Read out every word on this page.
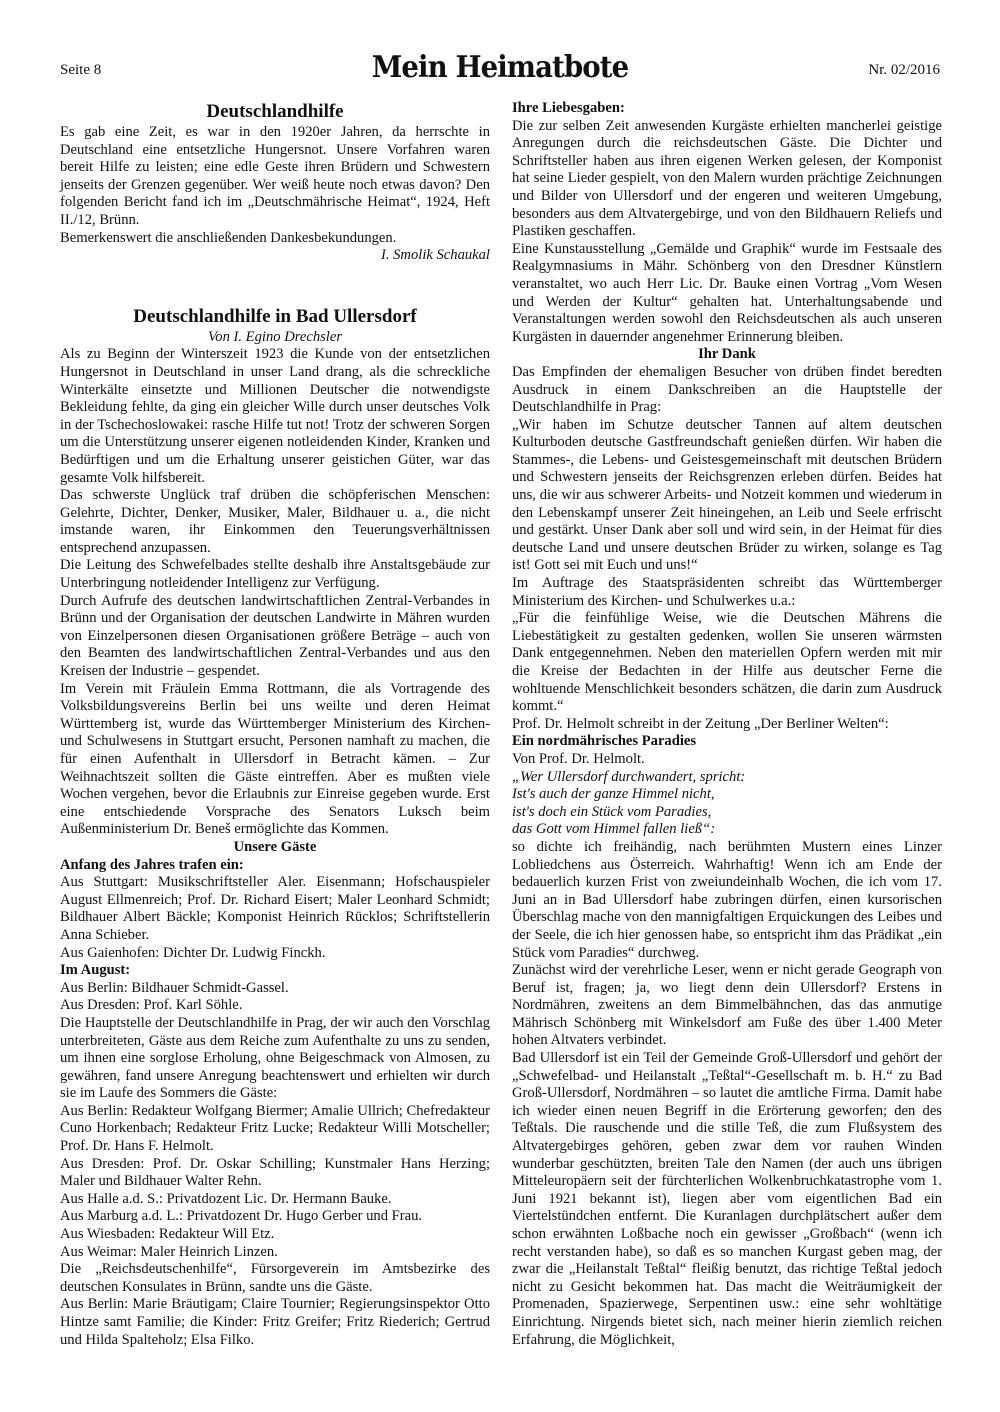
Seite 8	Mein Heimatbote	Nr. 02/2016
Deutschlandhilfe

Es gab eine Zeit, es war in den 1920er Jahren, da herrschte in Deutschland eine entsetzliche Hungersnot. Unsere Vorfahren waren bereit Hilfe zu leisten; eine edle Geste ihren Brüdern und Schwestern jenseits der Grenzen gegenüber. Wer weiß heute noch etwas davon? Den folgenden Bericht fand ich im „Deutschmährische Heimat“, 1924, Heft II./12, Brünn.

Bemerkenswert die anschließenden Dankesbekundungen.

I. Smolik Schaukal
Deutschlandhilfe in Bad Ullersdorf
Von I. Egino Drechsler

Als zu Beginn der Winterszeit 1923 die Kunde von der entsetzlichen Hungersnot in Deutschland in unser Land drang, als die schreckliche Winterkälte einsetzte und Millionen Deutscher die notwendigste Bekleidung fehlte, da ging ein gleicher Wille durch unser deutsches Volk in der Tschechoslowakei: rasche Hilfe tut not! Trotz der schweren Sorgen um die Unterstützung unserer eigenen notleidenden Kinder, Kranken und Bedürftigen und um die Erhaltung unserer geistichen Güter, war das gesamte Volk hilfsbereit.

Das schwerste Unglück traf drüben die schöpferischen Menschen: Gelehrte, Dichter, Denker, Musiker, Maler, Bildhauer u. a., die nicht imstande waren, ihr Einkommen den Teuerungsverhältnissen entsprechend anzupassen.

Die Leitung des Schwefelbades stellte deshalb ihre Anstaltsgebäude zur Unterbringung notleidender Intelligenz zur Verfügung.

Durch Aufrufe des deutschen landwirtschaftlichen Zentral-Verbandes in Brünn und der Organisation der deutschen Landwirte in Mähren wurden von Einzelpersonen diesen Organisationen größere Beträge – auch von den Beamten des landwirtschaftlichen Zentral-Verbandes und aus den Kreisen der Industrie – gespendet.

Im Verein mit Fräulein Emma Rottmann, die als Vortragende des Volksbildungsvereins Berlin bei uns weilte und deren Heimat Württemberg ist, wurde das Württemberger Ministerium des Kirchen- und Schulwesens in Stuttgart ersucht, Personen namhaft zu machen, die für einen Aufenthalt in Ullersdorf in Betracht kämen. – Zur Weihnachtszeit sollten die Gäste eintreffen. Aber es mußten viele Wochen vergehen, bevor die Erlaubnis zur Einreise gegeben wurde. Erst eine entschiedende Vorsprache des Senators Luksch beim Außenministerium Dr. Beneš ermöglichte das Kommen.

Unsere Gäste

Anfang des Jahres trafen ein:

Aus Stuttgart: Musikschriftsteller Aler. Eisenmann; Hofschauspieler August Ellmenreich; Prof. Dr. Richard Eisert; Maler Leonhard Schmidt; Bildhauer Albert Bäckle; Komponist Heinrich Rücklos; Schriftstellerin Anna Schieber.

Aus Gaienhofen: Dichter Dr. Ludwig Finckh.

Im August:

Aus Berlin: Bildhauer Schmidt-Gassel.

Aus Dresden: Prof. Karl Söhle.

Die Hauptstelle der Deutschlandhilfe in Prag, der wir auch den Vorschlag unterbreiteten, Gäste aus dem Reiche zum Aufenthalte zu uns zu senden, um ihnen eine sorglose Erholung, ohne Beigeschmack von Almosen, zu gewähren, fand unsere Anregung beachtenswert und erhielten wir durch sie im Laufe des Sommers die Gäste:

Aus Berlin: Redakteur Wolfgang Biermer; Amalie Ullrich; Chefredakteur Cuno Horkenbach; Redakteur Fritz Lucke; Redakteur Willi Motscheller; Prof. Dr. Hans F. Helmolt.

Aus Dresden: Prof. Dr. Oskar Schilling; Kunstmaler Hans Herzing; Maler und Bildhauer Walter Rehn.

Aus Halle a.d. S.: Privatdozent Lic. Dr. Hermann Bauke.

Aus Marburg a.d. L.: Privatdozent Dr. Hugo Gerber und Frau.

Aus Wiesbaden: Redakteur Will Etz.

Aus Weimar: Maler Heinrich Linzen.

Die „Reichsdeutschenhilfe“, Fürsorgeverein im Amtsbezirke des deutschen Konsulates in Brünn, sandte uns die Gäste.

Aus Berlin: Marie Bräutigam; Claire Tournier; Regierungsinspektor Otto Hintze samt Familie; die Kinder: Fritz Greifer; Fritz Riederich; Gertrud und Hilda Spalteholz; Elsa Filko.

Ihre Liebesgaben:

Die zur selben Zeit anwesenden Kurgäste erhielten mancherlei geistige Anregungen durch die reichsdeutschen Gäste. Die Dichter und Schriftsteller haben aus ihren eigenen Werken gelesen, der Komponist hat seine Lieder gespielt, von den Malern wurden prächtige Zeichnungen und Bilder von Ullersdorf und der engeren und weiteren Umgebung, besonders aus dem Altvatergebirge, und von den Bildhauern Reliefs und Plastiken geschaffen.

Eine Kunstausstellung „Gemälde und Graphik“ wurde im Festsaale des Realgymnasiums in Mähr. Schönberg von den Dresdner Künstlern veranstaltet, wo auch Herr Lic. Dr. Bauke einen Vortrag „Vom Wesen und Werden der Kultur“ gehalten hat. Unterhaltungsabende und Veranstaltungen werden sowohl den Reichsdeutschen als auch unseren Kurgästen in dauernder angenehmer Erinnerung bleiben.

Ihr Dank

Das Empfinden der ehemaligen Besucher von drüben findet beredten Ausdruck in einem Dankschreiben an die Hauptstelle der Deutschlandhilfe in Prag:

„Wir haben im Schutze deutscher Tannen auf altem deutschen Kulturboden deutsche Gastfreundschaft genießen dürfen. Wir haben die Stammes-, die Lebens- und Geistesgemeinschaft mit deutschen Brüdern und Schwestern jenseits der Reichsgrenzen erleben dürfen. Beides hat uns, die wir aus schwerer Arbeits- und Notzeit kommen und wiederum in den Lebenskampf unserer Zeit hineingehen, an Leib und Seele erfrischt und gestärkt. Unser Dank aber soll und wird sein, in der Heimat für dies deutsche Land und unsere deutschen Brüder zu wirken, solange es Tag ist! Gott sei mit Euch und uns!“

Im Auftrage des Staatspräsidenten schreibt das Württemberger Ministerium des Kirchen- und Schulwerkes u.a.:

„Für die feinfühlige Weise, wie die Deutschen Mährens die Liebestätigkeit zu gestalten gedenken, wollen Sie unseren wärmsten Dank entgegennehmen. Neben den materiellen Opfern werden mit mir die Kreise der Bedachten in der Hilfe aus deutscher Ferne die wohltuende Menschlichkeit besonders schätzen, die darin zum Ausdruck kommt.“

Prof. Dr. Helmolt schreibt in der Zeitung „Der Berliner Welten“:

Ein nordmährisches Paradies

Von Prof. Dr. Helmolt.

„Wer Ullersdorf durchwandert, spricht:

Ist's auch der ganze Himmel nicht,

ist's doch ein Stück vom Paradies,

das Gott vom Himmel fallen ließ“:

so dichte ich freihändig, nach berühmten Mustern eines Linzer Lobliedchens aus Österreich. Wahrhaftig! Wenn ich am Ende der bedauerlich kurzen Frist von zweiundeinhalb Wochen, die ich vom 17. Juni an in Bad Ullersdorf habe zubringen dürfen, einen kursorischen Überschlag mache von den mannigfaltigen Erquickungen des Leibes und der Seele, die ich hier genossen habe, so entspricht ihm das Prädikat „ein Stück vom Paradies“ durchweg.

Zunächst wird der verehrliche Leser, wenn er nicht gerade Geograph von Beruf ist, fragen; ja, wo liegt denn dein Ullersdorf? Erstens in Nordmähren, zweitens an dem Bimmelbähnchen, das das anmutige Mährisch Schönberg mit Winkelsdorf am Fuße des über 1.400 Meter hohen Altvaters verbindet.

Bad Ullersdorf ist ein Teil der Gemeinde Groß-Ullersdorf und gehört der „Schwefelbad- und Heilanstalt „Teßtal“-Gesellschaft m. b. H.“ zu Bad Groß-Ullersdorf, Nordmähren – so lautet die amtliche Firma. Damit habe ich wieder einen neuen Begriff in die Erörterung geworfen; den des Teßtals. Die rauschende und die stille Teß, die zum Flußsystem des Altvatergebirges gehören, geben zwar dem vor rauhen Winden wunderbar geschützten, breiten Tale den Namen (der auch uns übrigen Mitteleuropäern seit der fürchterlichen Wolkenbruchkatastrophe vom 1. Juni 1921 bekannt ist), liegen aber vom eigentlichen Bad ein Viertelstündchen entfernt. Die Kuranlagen durchplätschert außer dem schon erwähnten Loßbache noch ein gewisser „Großbach“ (wenn ich recht verstanden habe), so daß es so manchen Kurgast geben mag, der zwar die „Heilanstalt Teßtal“ fleißig benutzt, das richtige Teßtal jedoch nicht zu Gesicht bekommen hat. Das macht die Weiträumigkeit der Promenaden, Spazierwege, Serpentinen usw.: eine sehr wohltätige Einrichtung. Nirgends bietet sich, nach meiner hierin ziemlich reichen Erfahrung, die Möglichkeit,
